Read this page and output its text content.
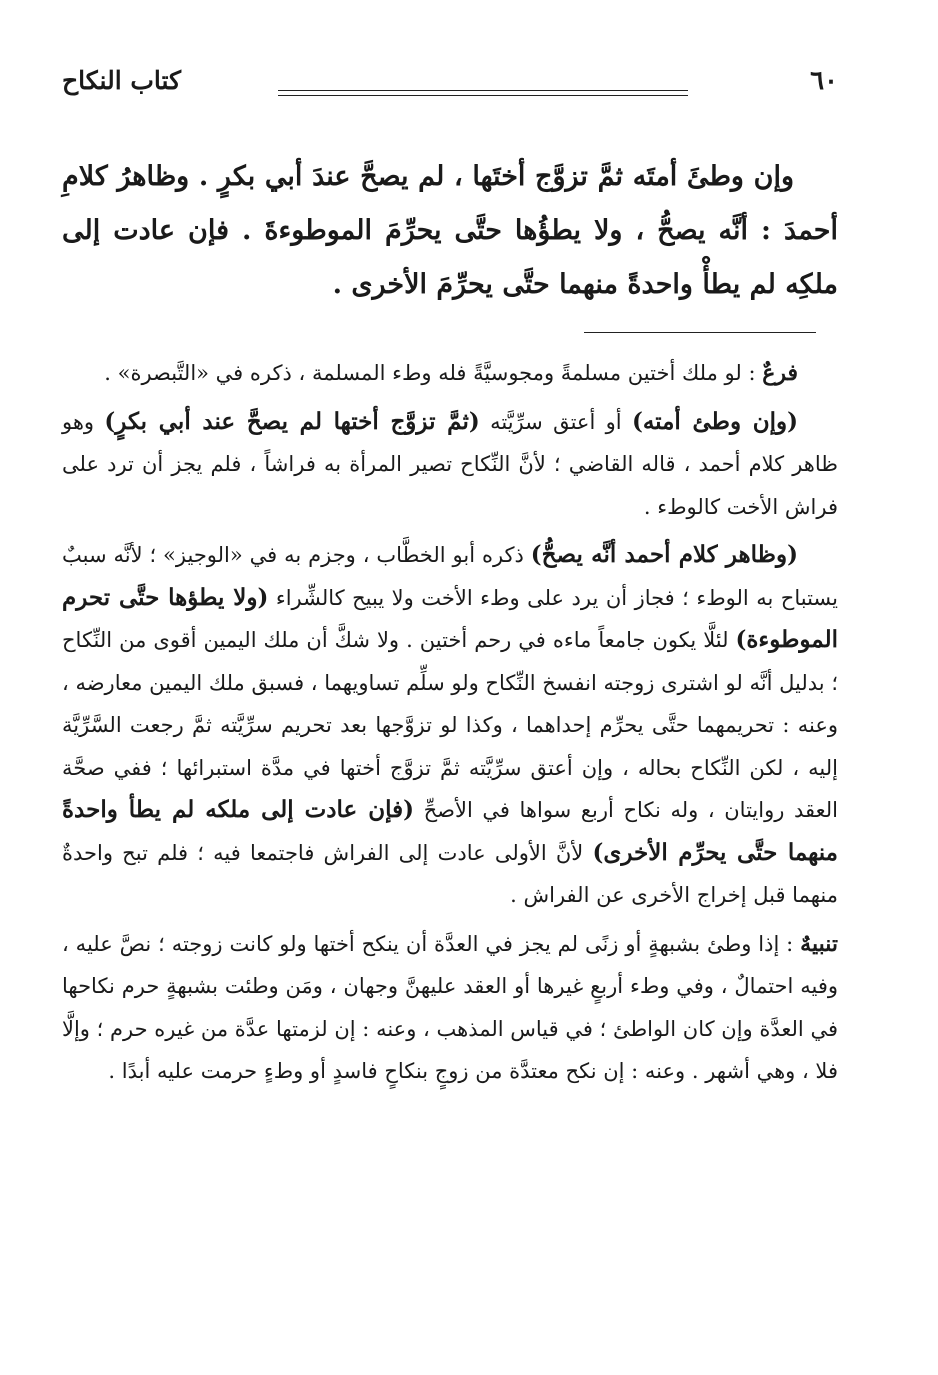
٦٠
كتاب النكاح

وإن وطئَ أمتَه ثمَّ تزوَّج أختَها ، لم يصحَّ عندَ أبي بكرٍ . وظاهرُ كلامِ أحمدَ : أنَّه يصحُّ ، ولا يطؤُها حتَّى يحرِّمَ الموطوءةَ . فإن عادت إلى ملكِه لم يطأْ واحدةً منهما حتَّى يحرِّمَ الأخرى .

فرعٌ : لو ملك أختين مسلمةً ومجوسيَّةً فله وطء المسلمة ، ذكره في «التَّبصرة» .

(وإن وطئ أمته) أو أعتق سرِّيَّته (ثمَّ تزوَّج أختها لم يصحَّ عند أبي بكرٍ) وهو ظاهر كلام أحمد ، قاله القاضي ؛ لأنَّ النِّكاح تصير المرأة به فراشاً ، فلم يجز أن ترد على فراش الأخت كالوطء .

(وظاهر كلام أحمد أنَّه يصحُّ) ذكره أبو الخطَّاب ، وجزم به في «الوجيز» ؛ لأنَّه سببٌ يستباح به الوطء ؛ فجاز أن يرد على وطء الأخت ولا يبيح كالشِّراء (ولا يطؤها حتَّى تحرم الموطوءة) لئلَّا يكون جامعاً ماءه في رحم أختين . ولا شكَّ أن ملك اليمين أقوى من النِّكاح ؛ بدليل أنَّه لو اشترى زوجته انفسخ النِّكاح ولو سلِّم تساويهما ، فسبق ملك اليمين معارضه ، وعنه : تحريمهما حتَّى يحرِّم إحداهما ، وكذا لو تزوَّجها بعد تحريم سرِّيَّته ثمَّ رجعت السَّرِّيَّة إليه ، لكن النِّكاح بحاله ، وإن أعتق سرِّيَّته ثمَّ تزوَّج أختها في مدَّة استبرائها ؛ ففي صحَّة العقد روايتان ، وله نكاح أربع سواها في الأصحِّ (فإن عادت إلى ملكه لم يطأ واحدةً منهما حتَّى يحرِّم الأخرى) لأنَّ الأولى عادت إلى الفراش فاجتمعا فيه ؛ فلم تبح واحدةٌ منهما قبل إخراج الأخرى عن الفراش .

تنبيهٌ : إذا وطئ بشبهةٍ أو زنًى لم يجز في العدَّة أن ينكح أختها ولو كانت زوجته ؛ نصَّ عليه ، وفيه احتمالٌ ، وفي وطء أربعٍ غيرها أو العقد عليهنَّ وجهان ، ومَن وطئت بشبهةٍ حرم نكاحها في العدَّة وإن كان الواطئ ؛ في قياس المذهب ، وعنه : إن لزمتها عدَّة من غيره حرم ؛ وإلَّا فلا ، وهي أشهر . وعنه : إن نكح معتدَّة من زوجٍ بنكاحٍ فاسدٍ أو وطءٍ حرمت عليه أبدًا .
